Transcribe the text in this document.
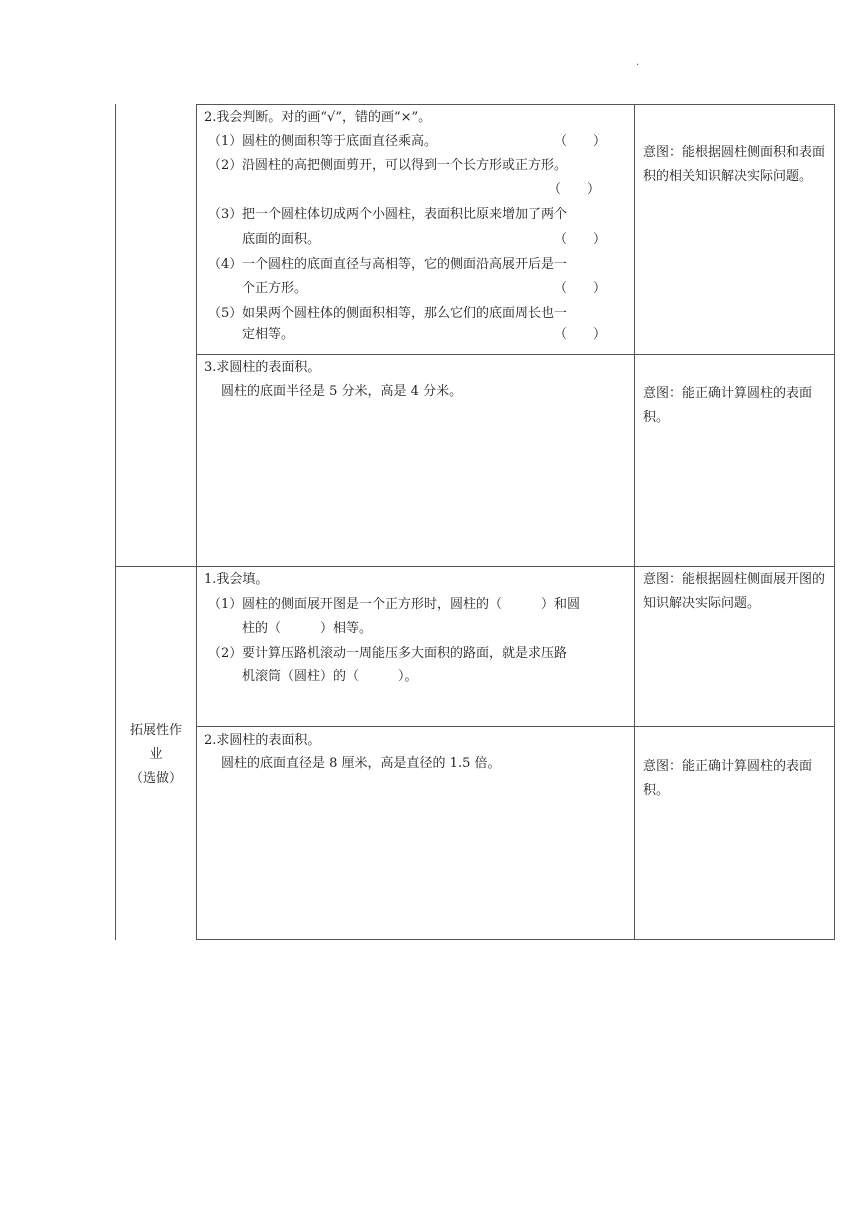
.
2.我会判断。对的画“√”，错的画“×”。
（1） 圆柱的侧面积等于底面直径乘高。	（　　）
（2） 沿圆柱的高把侧面剪开，可以得到一个长方形或正方形。
（　　）
（3） 把一个圆柱体切成两个小圆柱，表面积比原来增加了两个
底面的面积。	（　　）
（4） 一个圆柱的底面直径与高相等，它的侧面沿高展开后是一
个正方形。	（　　）
（5） 如果两个圆柱体的侧面积相等，那么它们的底面周长也一
定相等。	（　　）
意图：能根据圆柱侧面积和表面积的相关知识解决实际问题。
3.求圆柱的表面积。
圆柱的底面半径是 5 分米，高是 4 分米。	意图：能正确计算圆柱的表面积。
1.我会填。
（1） 圆柱的侧面展开图是一个正方形时，圆柱的（　　　）和圆
柱的（　　　）相等。
（2） 要计算压路机滚动一周能压多大面积的路面，就是求压路
机滚筒（圆柱）的（　　　）。
意图：能根据圆柱侧面展开图的知识解决实际问题。
2.求圆柱的表面积。
圆柱的底面直径是 8 厘米，高是直径的 1.5 倍。	意图：能正确计算圆柱的表面积。
拓展性作
业
（选做）
